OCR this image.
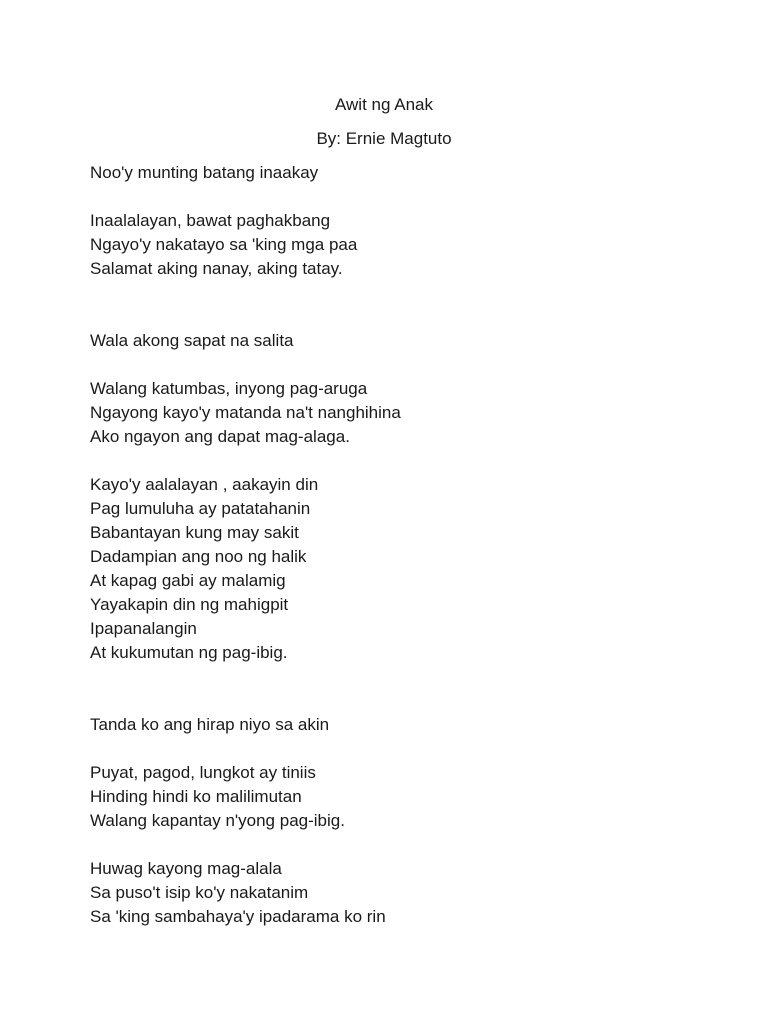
Awit ng Anak
By: Ernie Magtuto
Noo'y munting batang inaakay
Inaalalayan, bawat paghakbang
Ngayo'y nakatayo sa 'king mga paa
Salamat aking nanay, aking tatay.
Wala akong sapat na salita
Walang katumbas, inyong pag-aruga
Ngayong kayo'y matanda na't nanghihina
Ako ngayon ang dapat mag-alaga.
Kayo'y aalalayan , aakayin din
Pag lumuluha ay patatahanin
Babantayan kung may sakit
Dadampian ang noo ng halik
At kapag gabi ay malamig
Yayakapin din ng mahigpit
Ipapanalangin
At kukumutan ng pag-ibig.
Tanda ko ang hirap niyo sa akin
Puyat, pagod, lungkot ay tiniis
Hinding hindi ko malilimutan
Walang kapantay n'yong pag-ibig.
Huwag kayong mag-alala
Sa puso't isip ko'y nakatanim
Sa 'king sambahaya'y ipadarama ko rin
